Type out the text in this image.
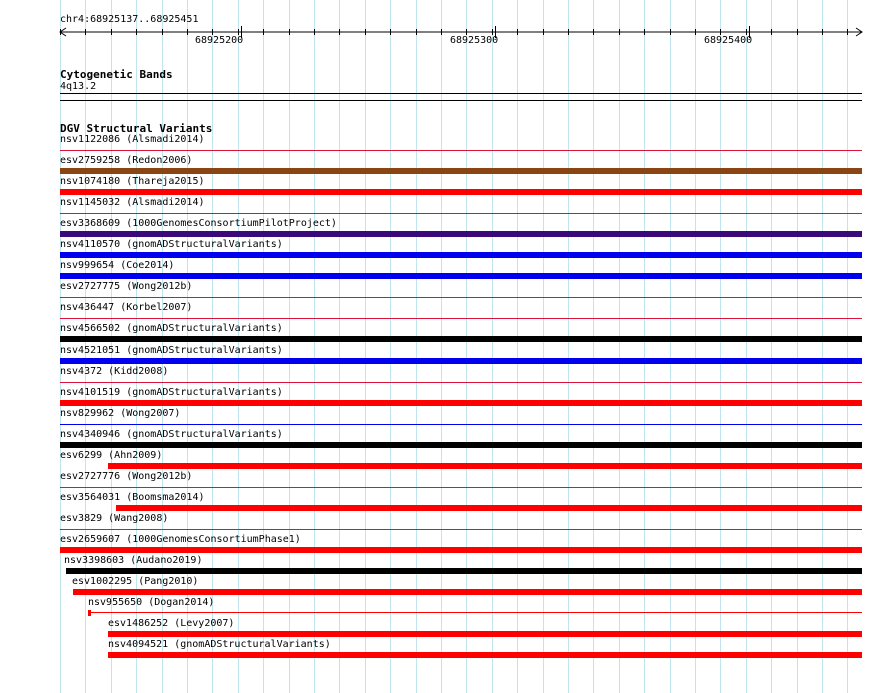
chr4:68925137..68925451
68925200	68925300	68925400
Cytogenetic Bands
4q13.2
DGV Structural Variants
nsv1122086 (Alsmadi2014)
esv2759258 (Redon2006)
nsv1074180 (Thareja2015)
nsv1145032 (Alsmadi2014)
esv3368609 (1000GenomesConsortiumPilotProject)
nsv4110570 (gnomADStructuralVariants)
nsv999654 (Coe2014)
esv2727775 (Wong2012b)
nsv436447 (Korbel2007)
nsv4566502 (gnomADStructuralVariants)
nsv4521051 (gnomADStructuralVariants)
nsv4372 (Kidd2008)
nsv4101519 (gnomADStructuralVariants)
nsv829962 (Wong2007)
nsv4340946 (gnomADStructuralVariants)
esv6299 (Ahn2009)
esv2727776 (Wong2012b)
esv3564031 (Boomsma2014)
esv3829 (Wang2008)
esv2659607 (1000GenomesConsortiumPhase1)
nsv3398603 (Audano2019)
esv1002295 (Pang2010)
nsv955650 (Dogan2014)
esv1486252 (Levy2007)
nsv4094521 (gnomADStructuralVariants)
